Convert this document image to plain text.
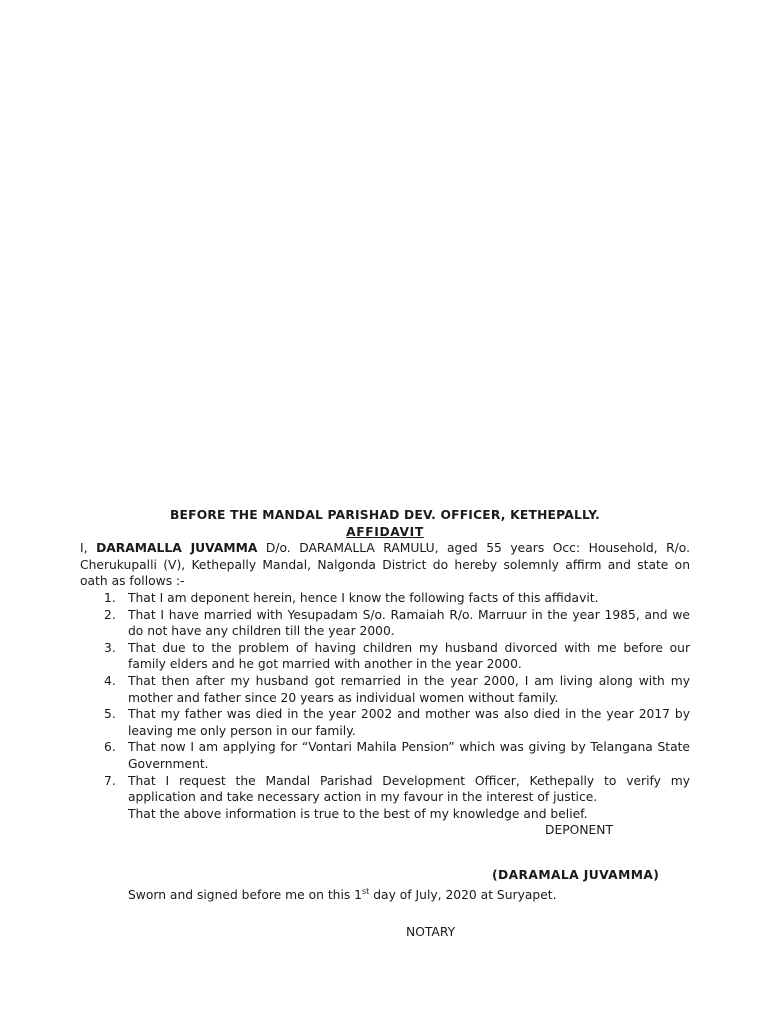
BEFORE THE MANDAL PARISHAD DEV. OFFICER, KETHEPALLY.
AFFIDAVIT

I, DARAMALLA JUVAMMA D/o. DARAMALLA RAMULU, aged 55 years Occ: Household, R/o. Cherukupalli (V), Kethepally Mandal, Nalgonda District do hereby solemnly affirm and state on oath as follows :-

1. That I am deponent herein, hence I know the following facts of this affidavit.
2. That I have married with Yesupadam S/o. Ramaiah R/o. Marruur in the year 1985, and we do not have any children till the year 2000.
3. That due to the problem of having children my husband divorced with me before our family elders and he got married with another in the year 2000.
4. That then after my husband got remarried in the year 2000, I am living along with my mother and father since 20 years as individual women without family.
5. That my father was died in the year 2002 and mother was also died in the year 2017 by leaving me only person in our family.
6. That now I am applying for “Vontari Mahila Pension” which was giving by Telangana State Government.
7. That I request the Mandal Parishad Development Officer, Kethepally to verify my application and take necessary action in my favour in the interest of justice.
That the above information is true to the best of my knowledge and belief.
DEPONENT
(DARAMALA JUVAMMA)
Sworn and signed before me on this 1st day of July, 2020 at Suryapet.
NOTARY
